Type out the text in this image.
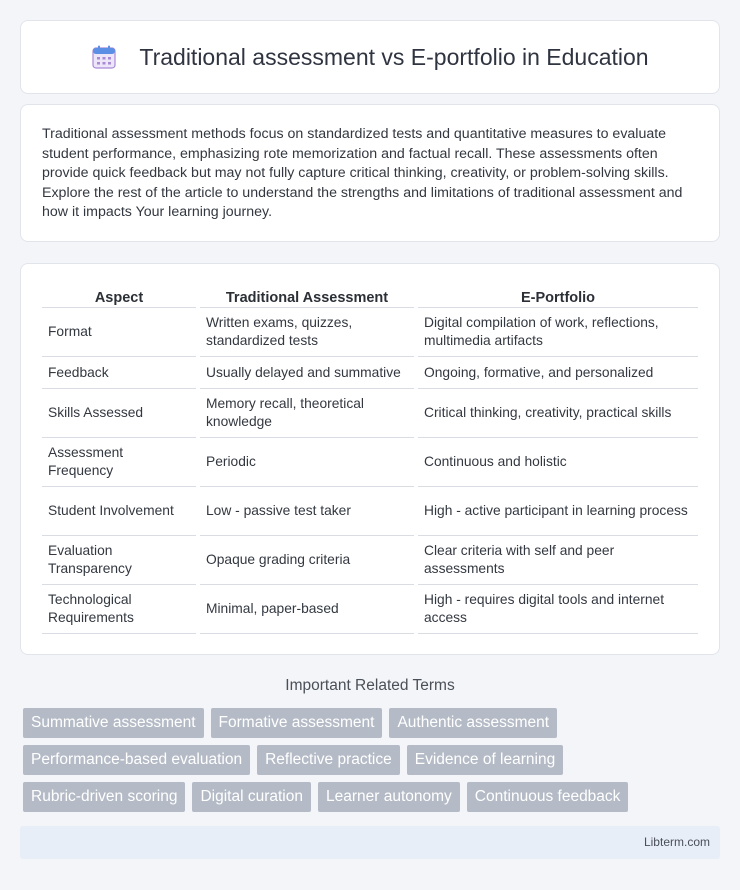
Traditional assessment vs E-portfolio in Education

Traditional assessment methods focus on standardized tests and quantitative measures to evaluate student performance, emphasizing rote memorization and factual recall. These assessments often provide quick feedback but may not fully capture critical thinking, creativity, or problem-solving skills. Explore the rest of the article to understand the strengths and limitations of traditional assessment and how it impacts Your learning journey.

Aspect	Traditional Assessment	E-Portfolio
Format	Written exams, quizzes, standardized tests	Digital compilation of work, reflections, multimedia artifacts
Feedback	Usually delayed and summative	Ongoing, formative, and personalized
Skills Assessed	Memory recall, theoretical knowledge	Critical thinking, creativity, practical skills
Assessment Frequency	Periodic	Continuous and holistic
Student Involvement	Low - passive test taker	High - active participant in learning process
Evaluation Transparency	Opaque grading criteria	Clear criteria with self and peer assessments
Technological Requirements	Minimal, paper-based	High - requires digital tools and internet access
Important Related Terms
Summative assessment	Formative assessment	Authentic assessment
Performance-based evaluation	Reflective practice	Evidence of learning
Rubric-driven scoring	Digital curation	Learner autonomy	Continuous feedback
Libterm.com
